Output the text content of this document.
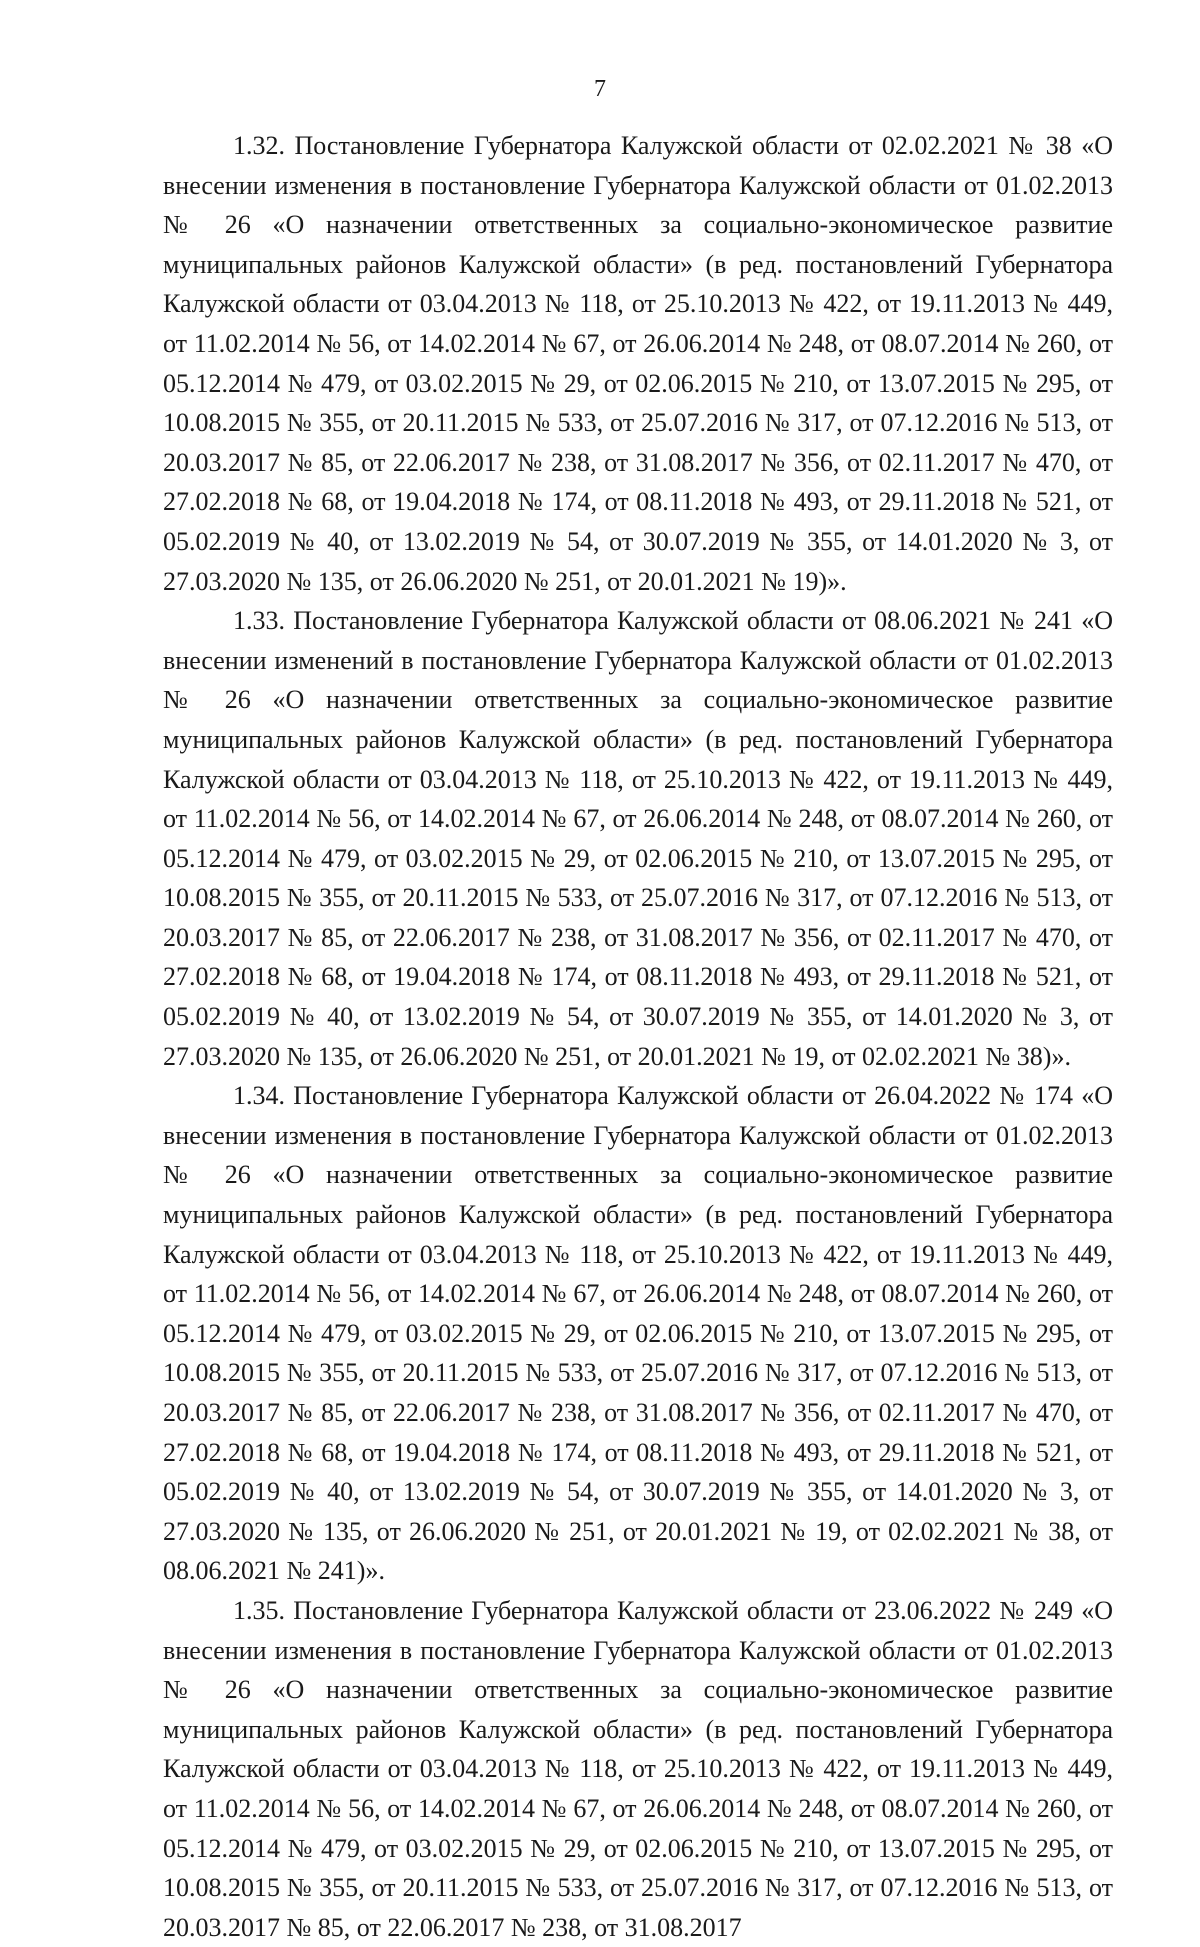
7

1.32. Постановление Губернатора Калужской области от 02.02.2021 № 38 «О внесении изменения в постановление Губернатора Калужской области от 01.02.2013 № 26 «О назначении ответственных за социально-экономическое развитие муниципальных районов Калужской области» (в ред. постановлений Губернатора Калужской области от 03.04.2013 № 118, от 25.10.2013 № 422, от 19.11.2013 № 449, от 11.02.2014 № 56, от 14.02.2014 № 67, от 26.06.2014 № 248, от 08.07.2014 № 260, от 05.12.2014 № 479, от 03.02.2015 № 29, от 02.06.2015 № 210, от 13.07.2015 № 295, от 10.08.2015 № 355, от 20.11.2015 № 533, от 25.07.2016 № 317, от 07.12.2016 № 513, от 20.03.2017 № 85, от 22.06.2017 № 238, от 31.08.2017 № 356, от 02.11.2017 № 470, от 27.02.2018 № 68, от 19.04.2018 № 174, от 08.11.2018 № 493, от 29.11.2018 № 521, от 05.02.2019 № 40, от 13.02.2019 № 54, от 30.07.2019 № 355, от 14.01.2020 № 3, от 27.03.2020 № 135, от 26.06.2020 № 251, от 20.01.2021 № 19)».

1.33. Постановление Губернатора Калужской области от 08.06.2021 № 241 «О внесении изменений в постановление Губернатора Калужской области от 01.02.2013 № 26 «О назначении ответственных за социально-экономическое развитие муниципальных районов Калужской области» (в ред. постановлений Губернатора Калужской области от 03.04.2013 № 118, от 25.10.2013 № 422, от 19.11.2013 № 449, от 11.02.2014 № 56, от 14.02.2014 № 67, от 26.06.2014 № 248, от 08.07.2014 № 260, от 05.12.2014 № 479, от 03.02.2015 № 29, от 02.06.2015 № 210, от 13.07.2015 № 295, от 10.08.2015 № 355, от 20.11.2015 № 533, от 25.07.2016 № 317, от 07.12.2016 № 513, от 20.03.2017 № 85, от 22.06.2017 № 238, от 31.08.2017 № 356, от 02.11.2017 № 470, от 27.02.2018 № 68, от 19.04.2018 № 174, от 08.11.2018 № 493, от 29.11.2018 № 521, от 05.02.2019 № 40, от 13.02.2019 № 54, от 30.07.2019 № 355, от 14.01.2020 № 3, от 27.03.2020 № 135, от 26.06.2020 № 251, от 20.01.2021 № 19, от 02.02.2021 № 38)».

1.34. Постановление Губернатора Калужской области от 26.04.2022 № 174 «О внесении изменения в постановление Губернатора Калужской области от 01.02.2013 № 26 «О назначении ответственных за социально-экономическое развитие муниципальных районов Калужской области» (в ред. постановлений Губернатора Калужской области от 03.04.2013 № 118, от 25.10.2013 № 422, от 19.11.2013 № 449, от 11.02.2014 № 56, от 14.02.2014 № 67, от 26.06.2014 № 248, от 08.07.2014 № 260, от 05.12.2014 № 479, от 03.02.2015 № 29, от 02.06.2015 № 210, от 13.07.2015 № 295, от 10.08.2015 № 355, от 20.11.2015 № 533, от 25.07.2016 № 317, от 07.12.2016 № 513, от 20.03.2017 № 85, от 22.06.2017 № 238, от 31.08.2017 № 356, от 02.11.2017 № 470, от 27.02.2018 № 68, от 19.04.2018 № 174, от 08.11.2018 № 493, от 29.11.2018 № 521, от 05.02.2019 № 40, от 13.02.2019 № 54, от 30.07.2019 № 355, от 14.01.2020 № 3, от 27.03.2020 № 135, от 26.06.2020 № 251, от 20.01.2021 № 19, от 02.02.2021 № 38, от 08.06.2021 № 241)».

1.35. Постановление Губернатора Калужской области от 23.06.2022 № 249 «О внесении изменения в постановление Губернатора Калужской области от 01.02.2013 № 26 «О назначении ответственных за социально-экономическое развитие муниципальных районов Калужской области» (в ред. постановлений Губернатора Калужской области от 03.04.2013 № 118, от 25.10.2013 № 422, от 19.11.2013 № 449, от 11.02.2014 № 56, от 14.02.2014 № 67, от 26.06.2014 № 248, от 08.07.2014 № 260, от 05.12.2014 № 479, от 03.02.2015 № 29, от 02.06.2015 № 210, от 13.07.2015 № 295, от 10.08.2015 № 355, от 20.11.2015 № 533, от 25.07.2016 № 317, от 07.12.2016 № 513, от 20.03.2017 № 85, от 22.06.2017 № 238, от 31.08.2017
